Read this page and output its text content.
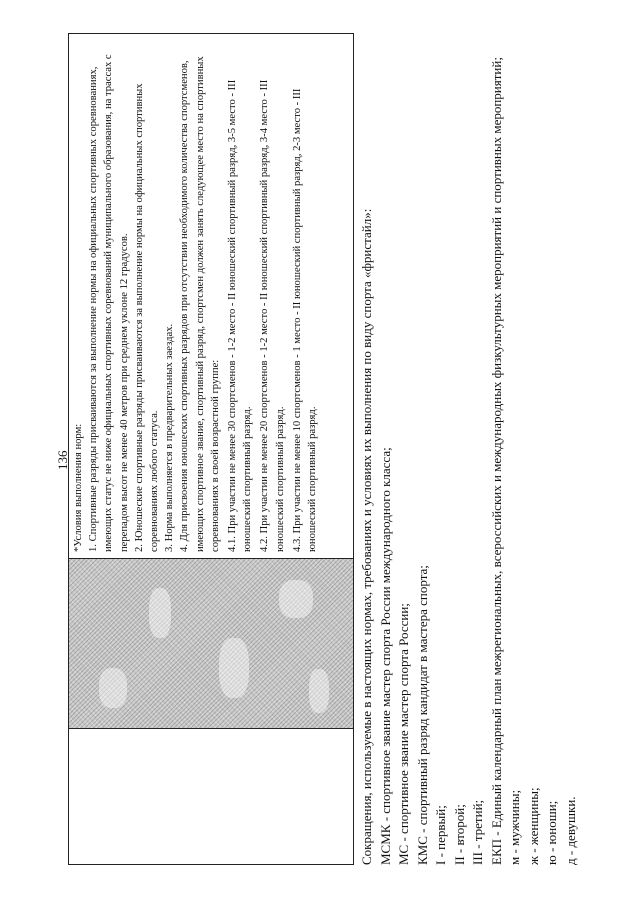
136 *Условия выполнения норм: 1. Спортивные разряды присваиваются за выполнение нормы на официальных спортивных соревнованиях, имеющих статус не ниже официальных спортивных соревнований муниципального образования, на трассах с перепадом высот не менее 40 метров при среднем уклоне 12 градусов. 2. Юношеские спортивные разряды присваиваются за выполнение нормы на официальных спортивных соревнованиях любого статуса. 3. Норма выполняется в предварительных заездах. 4. Для присвоения юношеских спортивных разрядов при отсутствии необходимого количества спортсменов, имеющих спортивное звание, спортивный разряд, спортсмен должен занять следующее место на спортивных соревнованиях в своей возрастной группе: 4.1. При участии не менее 30 спортсменов - 1-2 место - II юношеский спортивный разряд, 3-5 место - III юношеский спортивный разряд. 4.2. При участии не менее 20 спортсменов - 1-2 место - II юношеский спортивный разряд, 3-4 место - III юношеский спортивный разряд. 4.3. При участии не менее 10 спортсменов - 1 место - II юношеский спортивный разряд, 2-3 место - III юношеский спортивный разряд.	Сокращения, используемые в настоящих нормах, требованиях и условиях их выполнения по виду спорта «фристайл»: МСМК - спортивное звание мастер спорта России международного класса; МС - спортивное звание мастер спорта России; КМС - спортивный разряд кандидат в мастера спорта; I - первый; II - второй; III - третий; ЕКП - Единый календарный план межрегиональных, всероссийских и международных физкультурных мероприятий и спортивных мероприятий; м - мужчины; ж - женщины; ю - юноши; д - девушки.
